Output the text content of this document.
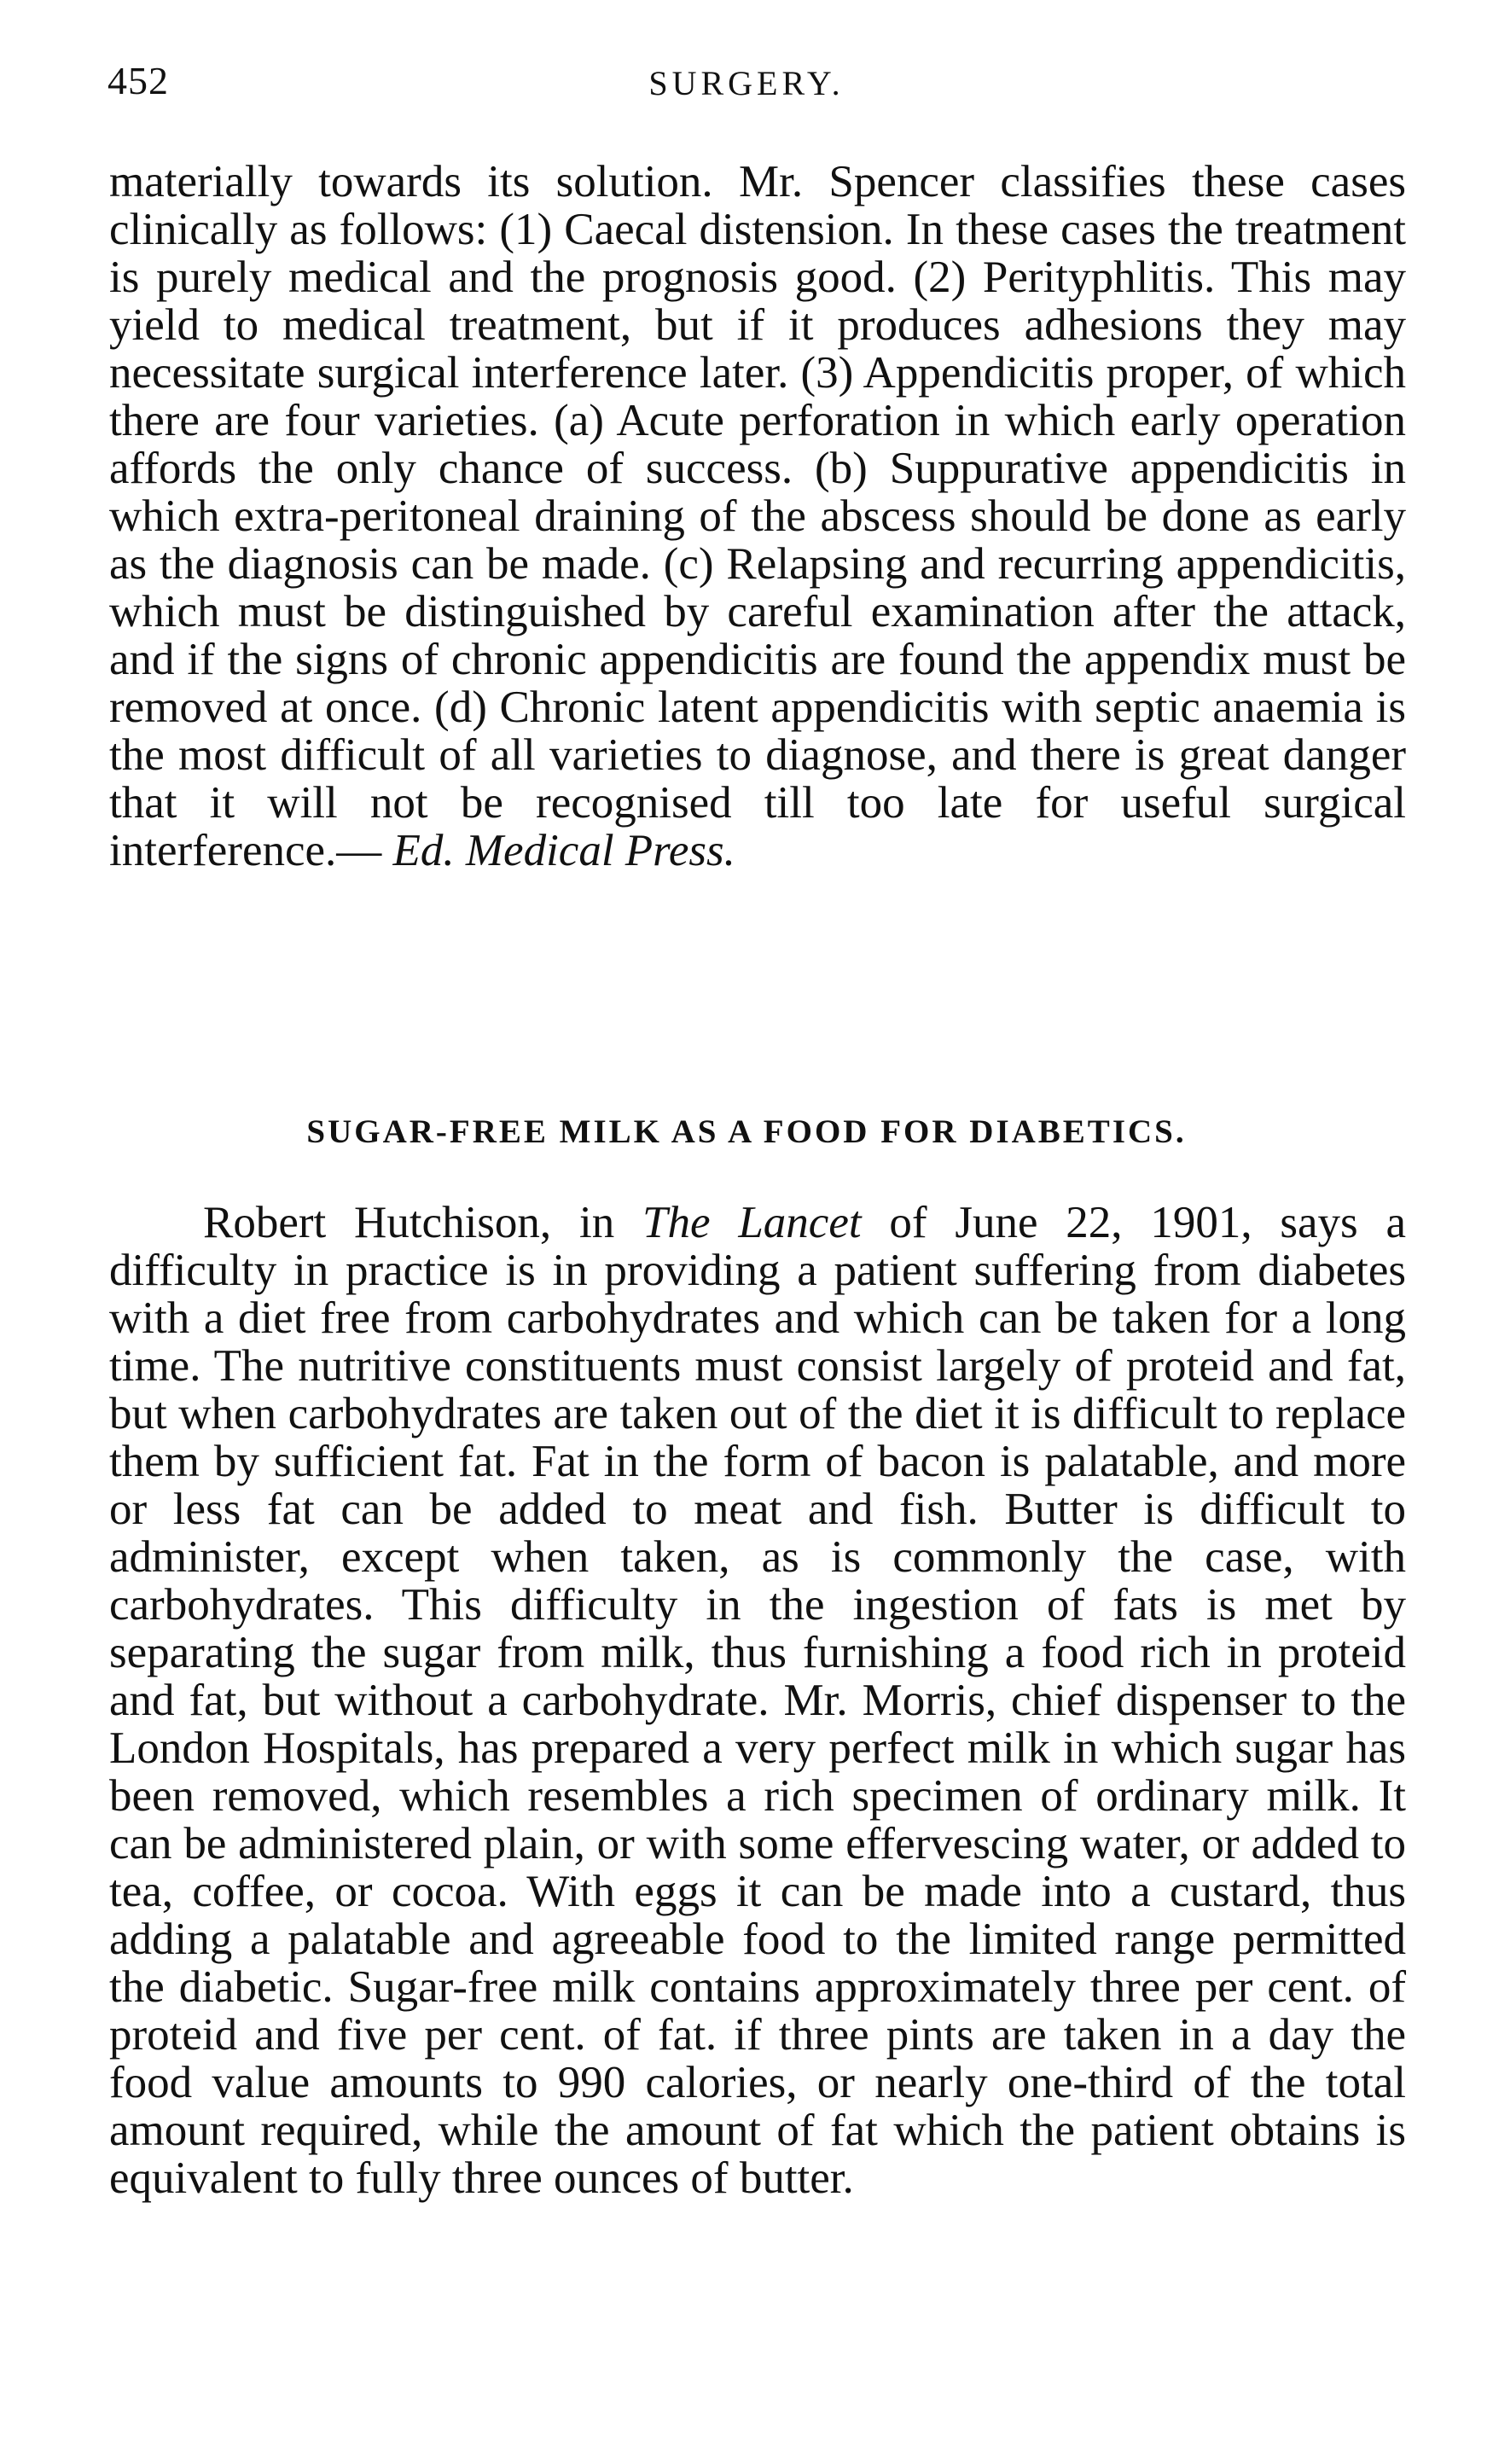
452	SURGERY.

materially towards its solution. Mr. Spencer classifies these cases clinically as follows: (1) Caecal distension. In these cases the treatment is purely medical and the prognosis good. (2) Perityphlitis. This may yield to medical treatment, but if it produces adhesions they may necessitate surgical interference later. (3) Appendicitis proper, of which there are four varieties. (a) Acute perforation in which early operation affords the only chance of success. (b) Suppurative appendicitis in which extra-peritoneal draining of the abscess should be done as early as the diagnosis can be made. (c) Relapsing and recurring appendicitis, which must be distinguished by careful examination after the attack, and if the signs of chronic appendicitis are found the appendix must be removed at once. (d) Chronic latent appendicitis with septic anaemia is the most difficult of all varieties to diagnose, and there is great danger that it will not be recognised till too late for useful surgical interference.— Ed. Medical Press.

SUGAR-FREE MILK AS A FOOD FOR DIABETICS.

Robert Hutchison, in The Lancet of June 22, 1901, says a difficulty in practice is in providing a patient suffering from diabetes with a diet free from carbohydrates and which can be taken for a long time. The nutritive constituents must consist largely of proteid and fat, but when carbohydrates are taken out of the diet it is difficult to replace them by sufficient fat. Fat in the form of bacon is palatable, and more or less fat can be added to meat and fish. Butter is difficult to administer, except when taken, as is commonly the case, with carbohydrates. This difficulty in the ingestion of fats is met by separating the sugar from milk, thus furnishing a food rich in proteid and fat, but without a carbohydrate. Mr. Morris, chief dispenser to the London Hospitals, has prepared a very perfect milk in which sugar has been removed, which resembles a rich specimen of ordinary milk. It can be administered plain, or with some effervescing water, or added to tea, coffee, or cocoa. With eggs it can be made into a custard, thus adding a palatable and agreeable food to the limited range permitted the diabetic. Sugar-free milk contains approximately three per cent. of proteid and five per cent. of fat. if three pints are taken in a day the food value amounts to 990 calories, or nearly one-third of the total amount required, while the amount of fat which the patient obtains is equivalent to fully three ounces of butter.
